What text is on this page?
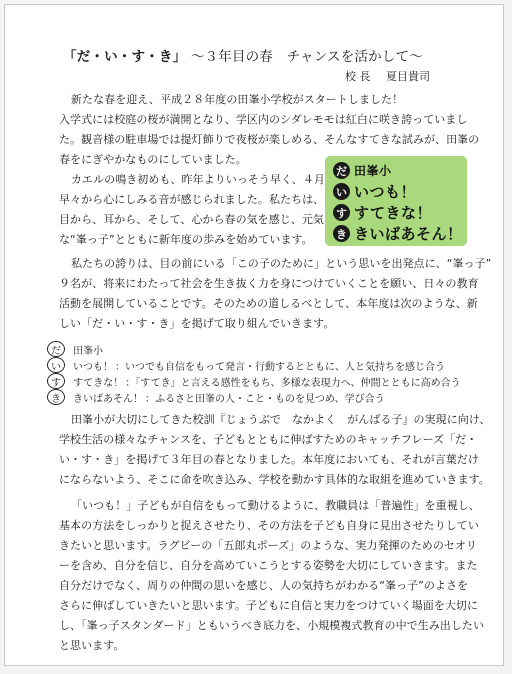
「だ・い・す・き」 ～３年目の春　チャンスを活かして～
校 長 夏目貴司
新たな春を迎え、平成２８年度の田峯小学校がスタートしました！
入学式には校庭の桜が満開となり、学区内のシダレモモは紅白に咲き誇っていまし
た。観音様の駐車場では提灯飾りで夜桜が楽しめる、そんなすてきな試みが、田峯の
春をにぎやかなものにしていました。
カエルの鳴き初めも、昨年よりいっそう早く、４月
早々から心にしみる音が感じられました。私たちは、
目から、耳から、そして、心から春の気を感じ、元気
な“峯っ子”とともに新年度の歩みを始めています。
だ 田峯小
い いつも！
す すてきな！
き きいばあそん！
私たちの誇りは、目の前にいる「この子のために」という思いを出発点に、“峯っ子”
９名が、将来にわたって社会を生き抜く力を身につけていくことを願い、日々の教育
活動を展開していることです。そのための道しるべとして、本年度は次のような、新
しい「だ・い・す・き」を掲げて取り組んでいきます。
だ	田峯小
い	いつも！ ：いつでも自信をもって発言・行動するとともに、人と気持ちを感じ合う
す	すてきな！ ：「すてき」と言える感性をもち、多様な表現力へ、仲間とともに高め合う
き	きいばあそん！ ：ふるさと田峯の人・こと・ものを見つめ、学び合う
田峯小が大切にしてきた校訓『じょうぶで　なかよく　がんばる子』の実現に向け、
学校生活の様々なチャンスを、子どもとともに伸ばすためのキャッチフレーズ「だ・
い・す・き」を掲げて３年目の春となりました。本年度においても、それが言葉だけ
にならないよう、そこに命を吹き込み、学校を動かす具体的な取組を進めていきます。
「いつも！」子どもが自信をもって動けるように、教職員は「普遍性」を重視し、
基本の方法をしっかりと捉えさせたり、その方法を子ども自身に見出させたりしてい
きたいと思います。ラグビーの「五郎丸ポーズ」のような、実力発揮のためのセオリ
ーを含め、自分を信じ、自分を高めていこうとする姿勢を大切にしていきます。また
自分だけでなく、周りの仲間の思いを感じ、人の気持ちがわかる“峯っ子”のよさを
さらに伸ばしていきたいと思います。子どもに自信と実力をつけていく場面を大切に
し、「峯っ子スタンダード」ともいうべき底力を、小規模複式教育の中で生み出したい
と思います。
